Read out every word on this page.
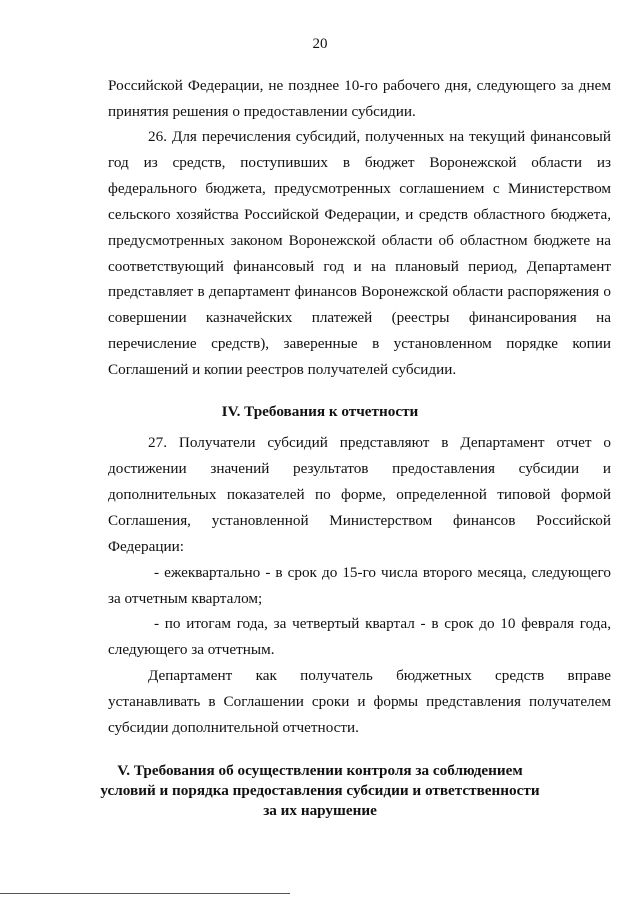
20
Российской Федерации, не позднее 10-го рабочего дня, следующего за днем
принятия решения о предоставлении субсидии.
26. Для перечисления субсидий, полученных на текущий финансовый
год из средств, поступивших в бюджет Воронежской области из
федерального бюджета, предусмотренных соглашением с Министерством
сельского хозяйства Российской Федерации, и средств областного бюджета,
предусмотренных законом Воронежской области об областном бюджете на
соответствующий финансовый год и на плановый период, Департамент
представляет в департамент финансов Воронежской области распоряжения о
совершении казначейских платежей (реестры финансирования на
перечисление средств), заверенные в установленном порядке копии
Соглашений и копии реестров получателей субсидии.
IV. Требования к отчетности
27. Получатели субсидий представляют в Департамент отчет о
достижении значений результатов предоставления субсидии и
дополнительных показателей по форме, определенной типовой формой
Соглашения, установленной Министерством финансов Российской
Федерации:
- ежеквартально - в срок до 15-го числа второго месяца, следующего
за отчетным кварталом;
- по итогам года, за четвертый квартал - в срок до 10 февраля года,
следующего за отчетным.
Департамент как получатель бюджетных средств вправе
устанавливать в Соглашении сроки и формы представления получателем
субсидии дополнительной отчетности.
V. Требования об осуществлении контроля за соблюдением
условий и порядка предоставления субсидии и ответственности
за их нарушение
